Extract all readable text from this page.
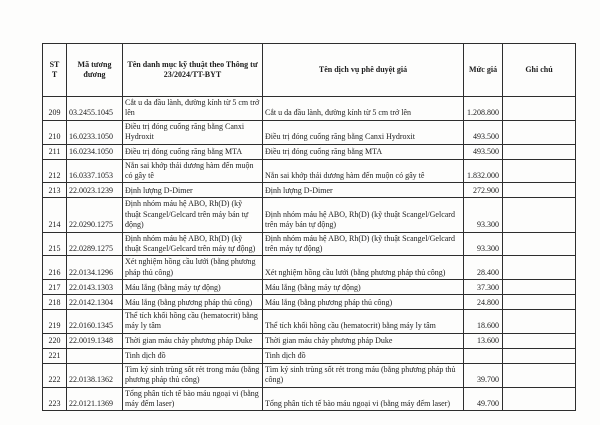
STT	Mã tương đương	Tên danh mục kỹ thuật theo Thông tư 23/2024/TT-BYT	Tên dịch vụ phê duyệt giá	Mức giá	Ghi chú
209	03.2455.1045	Cắt u da đầu lành, đường kính từ 5 cm trở lên	Cắt u da đầu lành, đường kính từ 5 cm trở lên	1.208.800	
210	16.0233.1050	Điều trị đóng cuống răng bằng Canxi Hydroxit	Điều trị đóng cuống răng bằng Canxi Hydroxit	493.500	
211	16.0234.1050	Điều trị đóng cuống răng bằng MTA	Điều trị đóng cuống răng bằng MTA	493.500	
212	16.0337.1053	Nắn sai khớp thái dương hàm đến muộn có gây tê	Nắn sai khớp thái dương hàm đến muộn có gây tê	1.832.000	
213	22.0023.1239	Định lượng D-Dimer	Định lượng D-Dimer	272.900	
214	22.0290.1275	Định nhóm máu hệ ABO, Rh(D) (kỹ thuật Scangel/Gelcard trên máy bán tự động)	Định nhóm máu hệ ABO, Rh(D) (kỹ thuật Scangel/Gelcard trên máy bán tự động)	93.300	
215	22.0289.1275	Định nhóm máu hệ ABO, Rh(D) (kỹ thuật Scangel/Gelcard trên máy tự động)	Định nhóm máu hệ ABO, Rh(D) (kỹ thuật Scangel/Gelcard trên máy tự động)	93.300	
216	22.0134.1296	Xét nghiệm hồng cầu lưới (bằng phương pháp thủ công)	Xét nghiệm hồng cầu lưới (bằng phương pháp thủ công)	28.400	
217	22.0143.1303	Máu lắng (bằng máy tự động)	Máu lắng (bằng máy tự động)	37.300	
218	22.0142.1304	Máu lắng (bằng phương pháp thủ công)	Máu lắng (bằng phương pháp thủ công)	24.800	
219	22.0160.1345	Thể tích khối hồng cầu (hematocrit) bằng máy ly tâm	Thể tích khối hồng cầu (hematocrit) bằng máy ly tâm	18.600	
220	22.0019.1348	Thời gian máu chảy phương pháp Duke	Thời gian máu chảy phương pháp Duke	13.600	
221		Tinh dịch đồ	Tinh dịch đồ		
222	22.0138.1362	Tìm ký sinh trùng sốt rét trong máu (bằng phương pháp thủ công)	Tìm ký sinh trùng sốt rét trong máu (bằng phương pháp thủ công)	39.700	
223	22.0121.1369	Tổng phân tích tế bào máu ngoại vi (bằng máy đếm laser)	Tổng phân tích tế bào máu ngoại vi (bằng máy đếm laser)	49.700	
